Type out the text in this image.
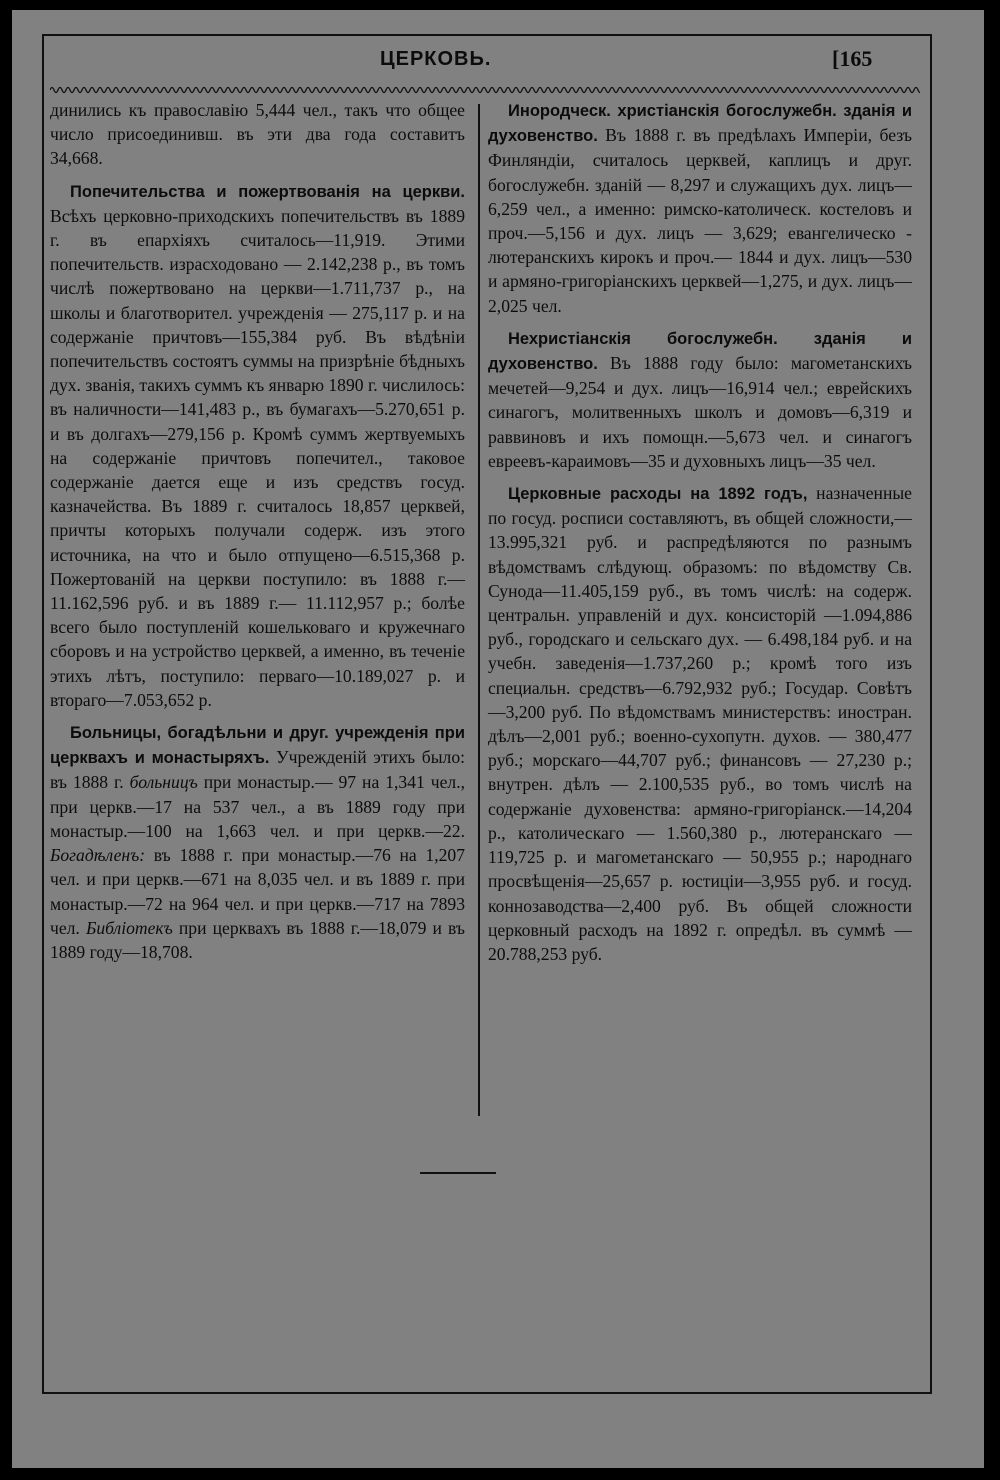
ЦЕРКОВЬ.	[165

динились къ православію 5,444 чел., такъ что общее число присоединивш. въ эти два года составитъ 34,668.

Попечительства и пожертвованія на церкви. Всѣхъ церковно-приходскихъ попечительствъ въ 1889 г. въ епархіяхъ считалось—11,919. Этими попечительств. израсходовано — 2.142,238 р., въ томъ числѣ пожертвовано на церкви—1.711,737 р., на школы и благотворител. учрежденія — 275,117 р. и на содержаніе причтовъ—155,384 руб. Въ вѣдѣніи попечительствъ состоятъ суммы на призрѣніе бѣдныхъ дух. званія, такихъ суммъ къ январю 1890 г. числилось: въ наличности—141,483 р., въ бумагахъ—5.270,651 р. и въ долгахъ—279,156 р. Кромѣ суммъ жертвуемыхъ на содержаніе причтовъ попечител., таковое содержаніе дается еще и изъ средствъ госуд. казначейства. Въ 1889 г. считалось 18,857 церквей, причты которыхъ получали содерж. изъ этого источника, на что и было отпущено—6.515,368 р. Пожертованій на церкви поступило: въ 1888 г.— 11.162,596 руб. и въ 1889 г.— 11.112,957 р.; болѣе всего было поступленій кошельковаго и кружечнаго сборовъ и на устройство церквей, а именно, въ теченіе этихъ лѣтъ, поступило: перваго—10.189,027 р. и втораго—7.053,652 р.

Больницы, богадѣльни и друг. учрежденія при церквахъ и монастыряхъ. Учрежденій этихъ было: въ 1888 г. больницъ при монастыр.— 97 на 1,341 чел., при церкв.—17 на 537 чел., а въ 1889 году при монастыр.—100 на 1,663 чел. и при церкв.—22. Богадѣленъ: въ 1888 г. при монастыр.—76 на 1,207 чел. и при церкв.—671 на 8,035 чел. и въ 1889 г. при монастыр.—72 на 964 чел. и при церкв.—717 на 7893 чел. Библіотекъ при церквахъ въ 1888 г.—18,079 и въ 1889 году—18,708.

Инородческ. христіанскія богослужебн. зданія и духовенство. Въ 1888 г. въ предѣлахъ Имперіи, безъ Финляндіи, считалось церквей, каплицъ и друг. богослужебн. зданій — 8,297 и служащихъ дух. лицъ—6,259 чел., а именно: римско-католическ. костеловъ и проч.—5,156 и дух. лицъ — 3,629; евангелическо - лютеранскихъ кирокъ и проч.— 1844 и дух. лицъ—530 и армяно-григоріанскихъ церквей—1,275, и дух. лицъ—2,025 чел.

Нехристіанскія богослужебн. зданія и духовенство. Въ 1888 году было: магометанскихъ мечетей—9,254 и дух. лицъ—16,914 чел.; еврейскихъ синагогъ, молитвенныхъ школъ и домовъ—6,319 и раввиновъ и ихъ помощн.—5,673 чел. и синагогъ евреевъ-караимовъ—35 и духовныхъ лицъ—35 чел.

Церковные расходы на 1892 годъ, назначенные по госуд. росписи составляютъ, въ общей сложности,—13.995,321 руб. и распредѣляются по разнымъ вѣдомствамъ слѣдующ. образомъ: по вѣдомству Св. Сунода—11.405,159 руб., въ томъ числѣ: на содерж. центральн. управленій и дух. консисторій —1.094,886 руб., городскаго и сельскаго дух. — 6.498,184 руб. и на учебн. заведенія—1.737,260 р.; кромѣ того изъ специальн. средствъ—6.792,932 руб.; Государ. Совѣтъ—3,200 руб. По вѣдомствамъ министерствъ: иностран. дѣлъ—2,001 руб.; военно-сухопутн. духов. — 380,477 руб.; морскаго—44,707 руб.; финансовъ — 27,230 р.; внутрен. дѣлъ — 2.100,535 руб., во томъ числѣ на содержаніе духовенства: армяно-григоріанск.—14,204 р., католическаго — 1.560,380 р., лютеранскаго — 119,725 р. и магометанскаго — 50,955 р.; народнаго просвѣщенія—25,657 р. юстиціи—3,955 руб. и госуд. коннозаводства—2,400 руб. Въ общей сложности церковный расходъ на 1892 г. опредѣл. въ суммѣ —20.788,253 руб.
